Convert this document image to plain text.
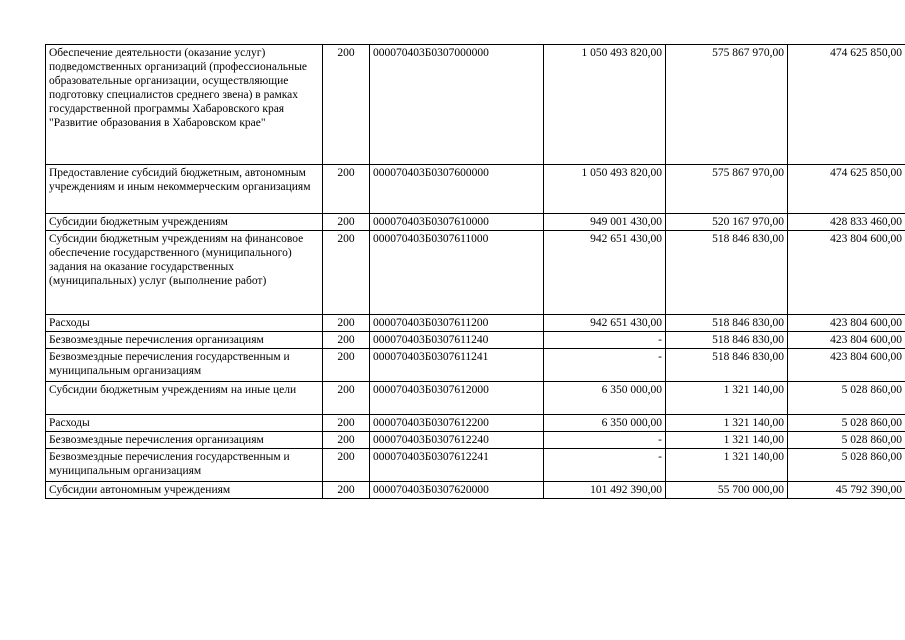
Обеспечение деятельности (оказание услуг) подведомственных организаций (профессиональные образовательные организации, осуществляющие подготовку специалистов среднего звена) в рамках государственной программы Хабаровского края "Развитие образования в Хабаровском крае"	200	000070403Б0307000000	1 050 493 820,00	575 867 970,00	474 625 850,00
Предоставление субсидий бюджетным, автономным учреждениям и иным некоммерческим организациям	200	000070403Б0307600000	1 050 493 820,00	575 867 970,00	474 625 850,00
Субсидии бюджетным учреждениям	200	000070403Б0307610000	949 001 430,00	520 167 970,00	428 833 460,00
Субсидии бюджетным учреждениям на финансовое обеспечение государственного (муниципального) задания на оказание государственных (муниципальных) услуг (выполнение работ)	200	000070403Б0307611000	942 651 430,00	518 846 830,00	423 804 600,00
Расходы	200	000070403Б0307611200	942 651 430,00	518 846 830,00	423 804 600,00
Безвозмездные перечисления организациям	200	000070403Б0307611240	-	518 846 830,00	423 804 600,00
Безвозмездные перечисления государственным и муниципальным организациям	200	000070403Б0307611241	-	518 846 830,00	423 804 600,00
Субсидии бюджетным учреждениям на иные цели	200	000070403Б0307612000	6 350 000,00	1 321 140,00	5 028 860,00
Расходы	200	000070403Б0307612200	6 350 000,00	1 321 140,00	5 028 860,00
Безвозмездные перечисления организациям	200	000070403Б0307612240	-	1 321 140,00	5 028 860,00
Безвозмездные перечисления государственным и муниципальным организациям	200	000070403Б0307612241	-	1 321 140,00	5 028 860,00
Субсидии автономным учреждениям	200	000070403Б0307620000	101 492 390,00	55 700 000,00	45 792 390,00
